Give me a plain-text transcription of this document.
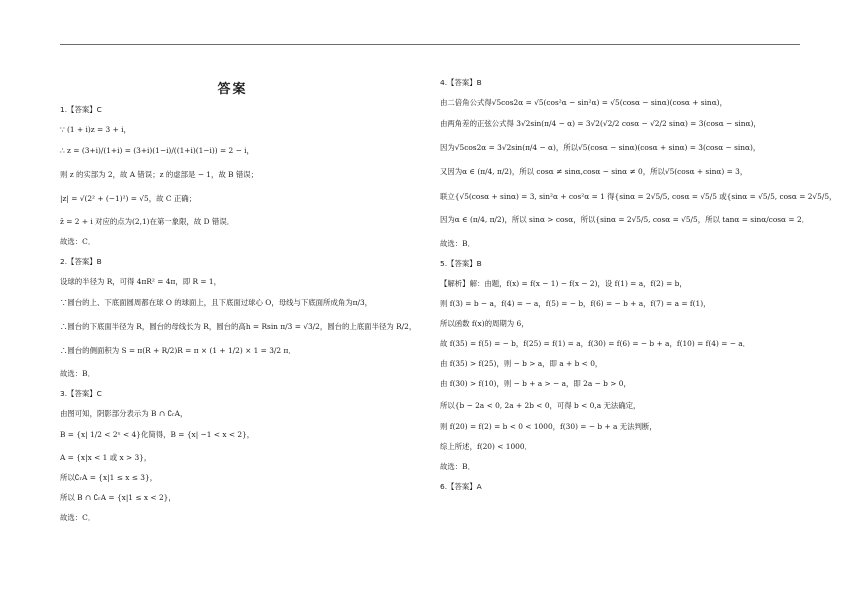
答案
1.【答案】C
∵ (1 + i)z = 3 + i，
∴ z = (3+i)/(1+i) = (3+i)(1−i)/((1+i)(1−i)) = 2 − i，
则 z 的实部为 2，故 A 错误；z 的虚部是 − 1，故 B 错误；
|z| = √(2² + (−1)²) = √5，故 C 正确；
z̄ = 2 + i 对应的点为(2,1)在第一象限，故 D 错误．
故选：C．
2.【答案】B
设球的半径为 R，可得 4πR² = 4π，即 R = 1，
∵圆台的上、下底面圆周都在球 O 的球面上，且下底面过球心 O，母线与下底面所成角为π/3，
∴圆台的下底面半径为 R，圆台的母线长为 R，圆台的高h = Rsin π/3 = √3/2，圆台的上底面半径为 R/2，
∴圆台的侧面积为 S = π(R + R/2)R = π × (1 + 1/2) × 1 = 3/2 π．
故选：B．
3.【答案】C
由图可知，阴影部分表示为 B ∩ ∁ᵣA，
B = {x| 1/2 < 2ˣ < 4}化简得，B = {x| −1 < x < 2}，
A = {x|x < 1 或 x > 3}，
所以∁ᵣA = {x|1 ≤ x ≤ 3}，
所以 B ∩ ∁ᵣA = {x|1 ≤ x < 2}，
故选：C．
4.【答案】B
由二倍角公式得√5cos2α = √5(cos²α − sin²α) = √5(cosα − sinα)(cosα + sinα)，
由两角差的正弦公式得 3√2sin(π/4 − α) = 3√2(√2/2 cosα − √2/2 sinα) = 3(cosα − sinα)，
因为√5cos2α = 3√2sin(π/4 − α)，所以√5(cosα − sinα)(cosα + sinα) = 3(cosα − sinα)，
又因为α ∈ (π/4, π/2)，所以 cosα ≠ sinα,cosα − sinα ≠ 0，所以√5(cosα + sinα) = 3，
联立{√5(cosα + sinα) = 3, sin²α + cos²α = 1 得{sinα = 2√5/5, cosα = √5/5 或{sinα = √5/5, cosα = 2√5/5，
因为α ∈ (π/4, π/2)，所以 sinα > cosα，所以{sinα = 2√5/5, cosα = √5/5，所以 tanα = sinα/cosα = 2．
故选：B．
5.【答案】B
【解析】解：由题，f(x) = f(x − 1) − f(x − 2)，设 f(1) = a，f(2) = b，
则 f(3) = b − a，f(4) = − a，f(5) = − b，f(6) = − b + a，f(7) = a = f(1)，
所以函数 f(x)的周期为 6，
故 f(35) = f(5) = − b，f(25) = f(1) = a，f(30) = f(6) = − b + a，f(10) = f(4) = − a．
由 f(35) > f(25)，则 − b > a，即 a + b < 0，
由 f(30) > f(10)，则 − b + a > − a，即 2a − b > 0，
所以{b − 2a < 0, 2a + 2b < 0，可得 b < 0,a 无法确定，
则 f(20) = f(2) = b < 0 < 1000，f(30) = − b + a 无法判断，
综上所述，f(20) < 1000．
故选：B．
6.【答案】A
